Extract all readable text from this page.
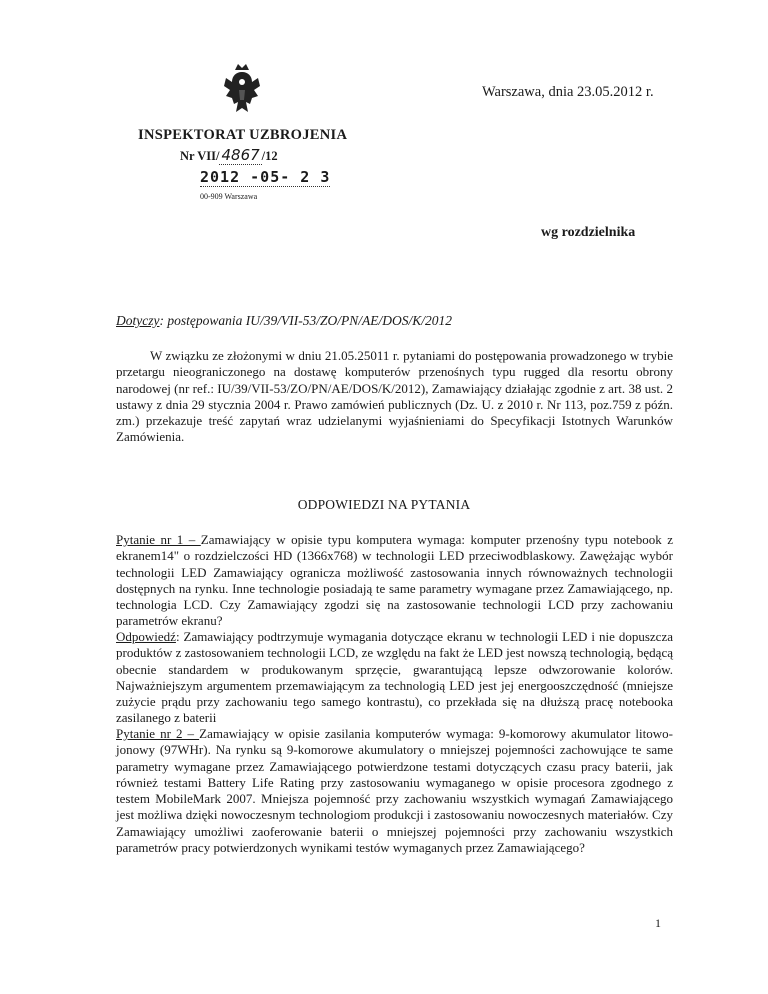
Warszawa, dnia 23.05.2012 r.
INSPEKTORAT UZBROJENIA
Nr VII/ 4867 /12
2012 -05- 2 3
00-909 Warszawa
wg rozdzielnika
Dotyczy: postępowania IU/39/VII-53/ZO/PN/AE/DOS/K/2012

W związku ze złożonymi w dniu 21.05.25011 r. pytaniami do postępowania prowadzonego w trybie przetargu nieograniczonego na dostawę komputerów przenośnych typu rugged dla resortu obrony narodowej (nr ref.: IU/39/VII-53/ZO/PN/AE/DOS/K/2012), Zamawiający działając zgodnie z art. 38 ust. 2 ustawy z dnia 29 stycznia 2004 r. Prawo zamówień publicznych (Dz. U. z 2010 r. Nr 113, poz.759 z późn. zm.) przekazuje treść zapytań wraz udzielanymi wyjaśnieniami do Specyfikacji Istotnych Warunków Zamówienia.

ODPOWIEDZI NA PYTANIA

Pytanie nr 1 – Zamawiający w opisie typu komputera wymaga: komputer przenośny typu notebook z ekranem14" o rozdzielczości HD (1366x768) w technologii LED przeciwodblaskowy. Zawężając wybór technologii LED Zamawiający ogranicza możliwość zastosowania innych równoważnych technologii dostępnych na rynku. Inne technologie posiadają te same parametry wymagane przez Zamawiającego, np. technologia LCD. Czy Zamawiający zgodzi się na zastosowanie technologii LCD przy zachowaniu parametrów ekranu?

Odpowiedź: Zamawiający podtrzymuje wymagania dotyczące ekranu w technologii LED i nie dopuszcza produktów z zastosowaniem technologii LCD, ze względu na fakt że LED jest nowszą technologią, będącą obecnie standardem w produkowanym sprzęcie, gwarantującą lepsze odwzorowanie kolorów. Najważniejszym argumentem przemawiającym za technologią LED jest jej energooszczędność (mniejsze zużycie prądu przy zachowaniu tego samego kontrastu), co przekłada się na dłuższą pracę notebooka zasilanego z baterii

Pytanie nr 2 – Zamawiający w opisie zasilania komputerów wymaga: 9-komorowy akumulator litowo-jonowy (97WHr). Na rynku są 9-komorowe akumulatory o mniejszej pojemności zachowujące te same parametry wymagane przez Zamawiającego potwierdzone testami dotyczących czasu pracy baterii, jak również testami Battery Life Rating przy zastosowaniu wymaganego w opisie procesora zgodnego z testem MobileMark 2007. Mniejsza pojemność przy zachowaniu wszystkich wymagań Zamawiającego jest możliwa dzięki nowoczesnym technologiom produkcji i zastosowaniu nowoczesnych materiałów. Czy Zamawiający umożliwi zaoferowanie baterii o mniejszej pojemności przy zachowaniu wszystkich parametrów pracy potwierdzonych wynikami testów wymaganych przez Zamawiającego?

1
